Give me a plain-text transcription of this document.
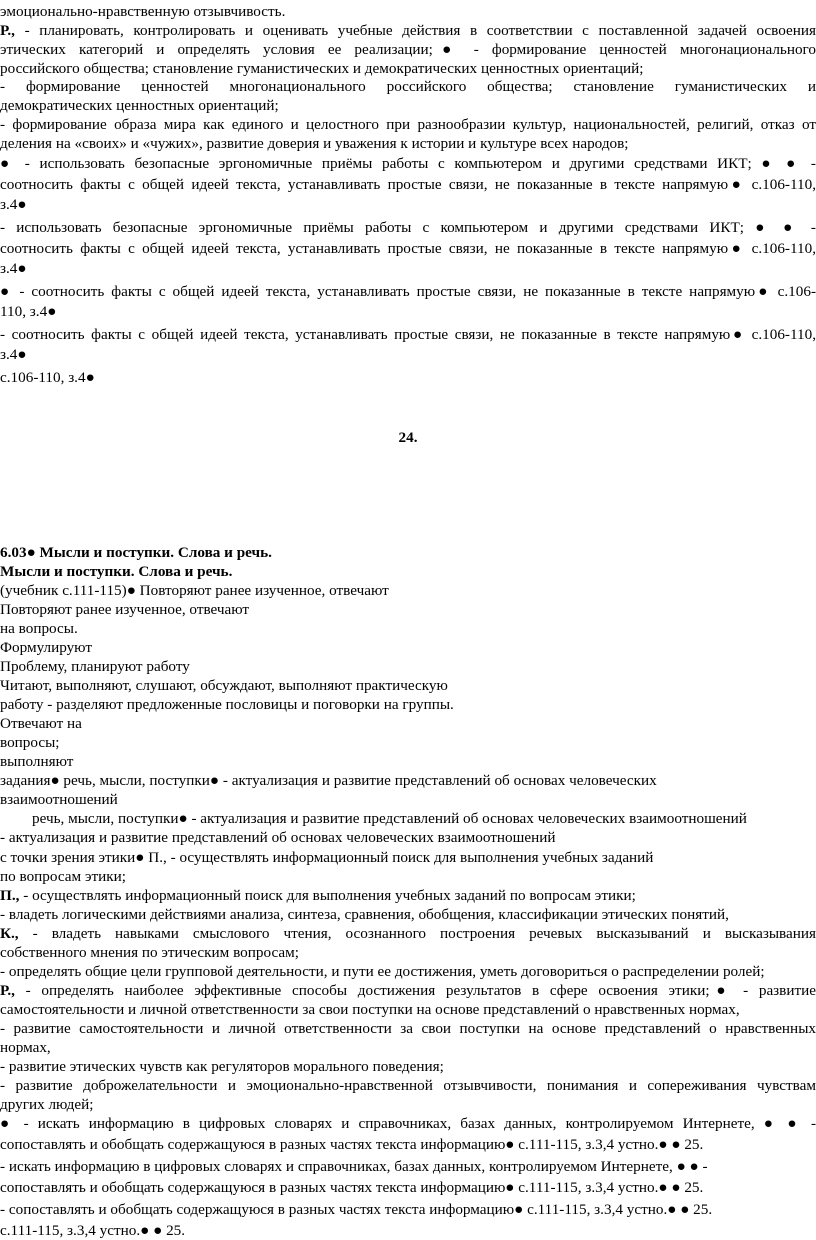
эмоционально-нравственную отзывчивость.
Р., - планировать, контролировать и оценивать учебные действия в соответствии с поставленной задачей освоения
этических категорий и определять условия ее реализации;● - формирование ценностей многонационального
российского общества; становление гуманистических и демократических ценностных ориентаций;
- формирование ценностей многонационального российского общества; становление гуманистических и
демократических ценностных ориентаций;
- формирование образа мира как единого и целостного при разнообразии культур, национальностей, религий, отказ от
деления на «своих» и «чужих», развитие доверия и уважения к истории и культуре всех народов;
● - использовать безопасные эргономичные приёмы работы с компьютером и другими средствами ИКТ; ● ● -
соотносить факты с общей идеей текста, устанавливать простые связи, не показанные в тексте напрямую● с.106-110,
з.4●
- использовать безопасные эргономичные приёмы работы с компьютером и другими средствами ИКТ; ● ● -
соотносить факты с общей идеей текста, устанавливать простые связи, не показанные в тексте напрямую● с.106-110,
з.4●
● - соотносить факты с общей идеей текста, устанавливать простые связи, не показанные в тексте напрямую● с.106-
110, з.4●
- соотносить факты с общей идеей текста, устанавливать простые связи, не показанные в тексте напрямую● с.106-110,
з.4●
с.106-110, з.4●
24.
6.03● Мысли и поступки. Слова и речь.
Мысли и поступки. Слова и речь.
(учебник с.111-115)● Повторяют ранее изученное, отвечают
Повторяют ранее изученное, отвечают
на вопросы.
Формулируют
Проблему, планируют работу
Читают, выполняют, слушают, обсуждают, выполняют практическую
работу - разделяют предложенные пословицы и поговорки на группы.
Отвечают на
вопросы;
выполняют
задания● речь, мысли, поступки● - актуализация и развитие представлений об основах человеческих
взаимоотношений
речь, мысли, поступки● - актуализация и развитие представлений об основах человеческих взаимоотношений
- актуализация и развитие представлений об основах человеческих взаимоотношений
с точки зрения этики● П., - осуществлять информационный поиск для выполнения учебных заданий
по вопросам этики;
П., - осуществлять информационный поиск для выполнения учебных заданий по вопросам этики;
- владеть логическими действиями анализа, синтеза, сравнения, обобщения, классификации этических понятий,
К., - владеть навыками смыслового чтения, осознанного построения речевых высказываний и высказывания
собственного мнения по этическим вопросам;
- определять общие цели групповой деятельности, и пути ее достижения, уметь договориться о распределении ролей;
Р., - определять наиболее эффективные способы достижения результатов в сфере освоения этики;● - развитие
самостоятельности и личной ответственности за свои поступки на основе представлений о нравственных нормах,
- развитие самостоятельности и личной ответственности за свои поступки на основе представлений о нравственных
нормах,
- развитие этических чувств как регуляторов морального поведения;
- развитие доброжелательности и эмоционально-нравственной отзывчивости, понимания и сопереживания чувствам
других людей;
● - искать информацию в цифровых словарях и справочниках, базах данных, контролируемом Интернете, ● ● -
сопоставлять и обобщать содержащуюся в разных частях текста информацию● с.111-115, з.3,4 устно.● ● 25.
- искать информацию в цифровых словарях и справочниках, базах данных, контролируемом Интернете, ● ● -
сопоставлять и обобщать содержащуюся в разных частях текста информацию● с.111-115, з.3,4 устно.● ● 25.
- сопоставлять и обобщать содержащуюся в разных частях текста информацию● с.111-115, з.3,4 устно.● ● 25.
с.111-115, з.3,4 устно.● ● 25.
